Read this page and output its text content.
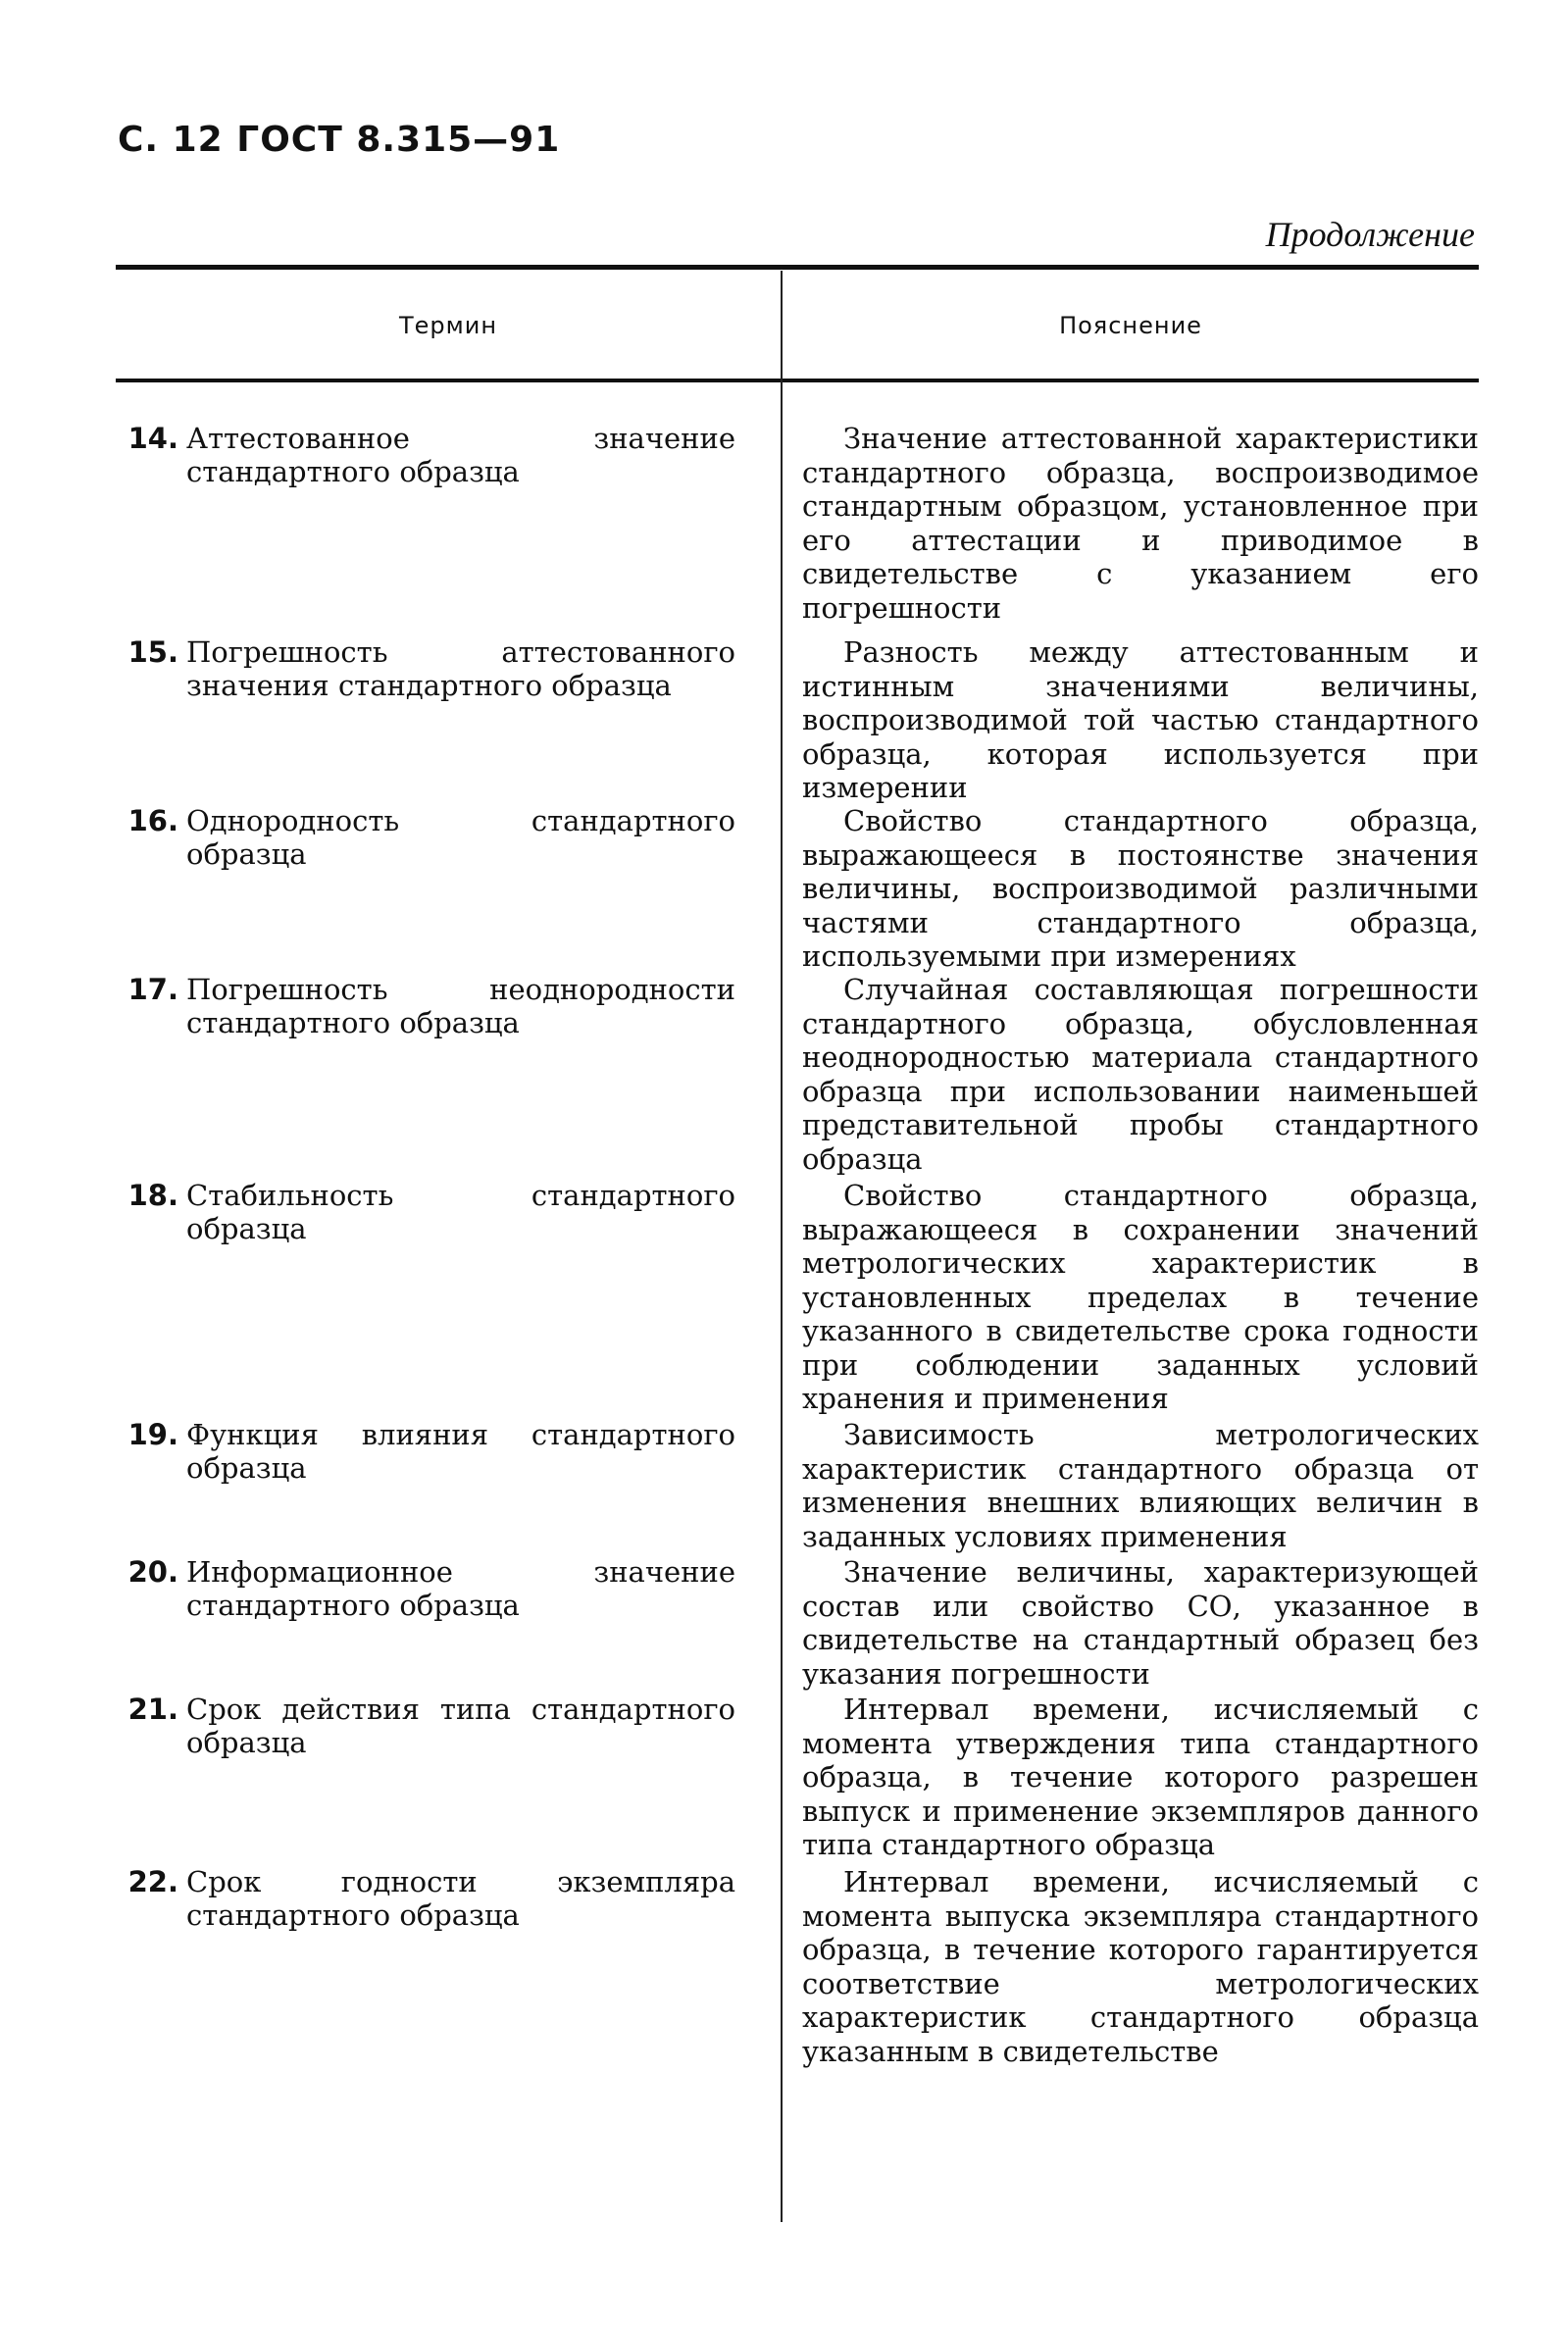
С. 12 ГОСТ 8.315—91
Продолжение
Термин	Пояснение
14. Аттестованное значение стандартного образца
Значение аттестованной характеристики стандартного образца, воспроизводимое стандартным образцом, установленное при его аттестации и приводимое в свидетельстве с указанием его погрешности
15. Погрешность аттестованного значения стандартного образца
Разность между аттестованным и истинным значениями величины, воспроизводимой той частью стандартного образца, которая используется при измерении
16. Однородность стандартного образца
Свойство стандартного образца, выражающееся в постоянстве значения величины, воспроизводимой различными частями стандартного образца, используемыми при измерениях
17. Погрешность неоднородности стандартного образца
Случайная составляющая погрешности стандартного образца, обусловленная неоднородностью материала стандартного образца при использовании наименьшей представительной пробы стандартного образца
18. Стабильность стандартного образца
Свойство стандартного образца, выражающееся в сохранении значений метрологических характеристик в установленных пределах в течение указанного в свидетельстве срока годности при соблюдении заданных условий хранения и применения
19. Функция влияния стандартного образца
Зависимость метрологических характеристик стандартного образца от изменения внешних влияющих величин в заданных условиях применения
20. Информационное значение стандартного образца
Значение величины, характеризующей состав или свойство СО, указанное в свидетельстве на стандартный образец без указания погрешности
21. Срок действия типа стандартного образца
Интервал времени, исчисляемый с момента утверждения типа стандартного образца, в течение которого разрешен выпуск и применение экземпляров данного типа стандартного образца
22. Срок годности экземпляра стандартного образца
Интервал времени, исчисляемый с момента выпуска экземпляра стандартного образца, в течение которого гарантируется соответствие метрологических характеристик стандартного образца указанным в свидетельстве
